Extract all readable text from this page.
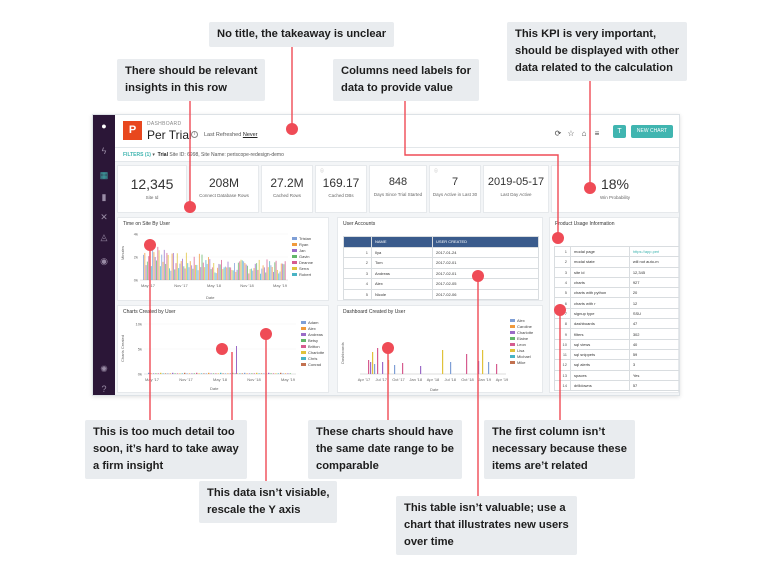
●
ϟ
▦
▮
✕
◬
◉
✺
?
P	DASHBOARD
Per Trial i	Last Refreshed Never	⟳ ☆ ⌂	≡	T	NEW CHART
FILTERS (1) ▾ Trial Site ID: 6998, Site Name: periscope-redesign-demo
12,345
Site Id
208M
Connect Database Rows
27.2M
Cached Rows
ⓘ
169.17
Cached DBs
848
Days Since Trial Started
ⓘ
7
Days Active in Last 30
2019-05-17
Last Day Active
18%
Win Probability
Time on Site By User
4k
2k
0k
May '17	Nov '17	May '18	Nov '18	May '19
Minutes
Date
Tristan
Ryan
Jan
Gavin
Deanne
Serra
Robert
Charts Created by User
10k
5k
0k
May '17	Nov '17	May '18	Nov '18	May '19
Charts Created
Date
Adam
Alex
Andreas
Betsy
Britton
Charlotte
Chris
Conrad
User Accounts
	NAME	USER CREATED
1	Ilya	2017-01-24
2	Tom	2017-02-01
3	Andreas	2017-02-01
4	Alex	2017-02-05
5	Nicole	2017-02-06
Dashboard Created by User
Apr '17 Jul '17 Oct '17 Jan '18 Apr '18 Jul '18 Oct '18 Jan '19 Apr '19
Dashboards
Date
Alex
Caroline
Charlotte
Elaine
Leon
Lisa
Michael
Mike
Product Usage Information
1	modal page	https://app.peri
2	modal state	will not auto-m
3	site id	12,345
4	charts	927
5	charts with python	20
6	charts with r	12
7	signup type	SSU
8	dashboards	47
9	filters	302
10	sql views	40
11	sql snippets	59
12	sql alerts	3
13	spaces	Yes
14	drilldowns	57
No title, the takeaway is unclear	This KPI is very important,
should be displayed with other
data related to the calculation
There should be relevant
insights in this row
Columns need labels for
data to provide value
This is too much detail too
soon, it’s hard to take away
a firm insight
These charts should have
the same date range to be
comparable
The first column isn’t
necessary because these
items are’t related
This data isn’t visiable,
rescale the Y axis	This table isn’t valuable; use a
chart that illustrates new users
over time
